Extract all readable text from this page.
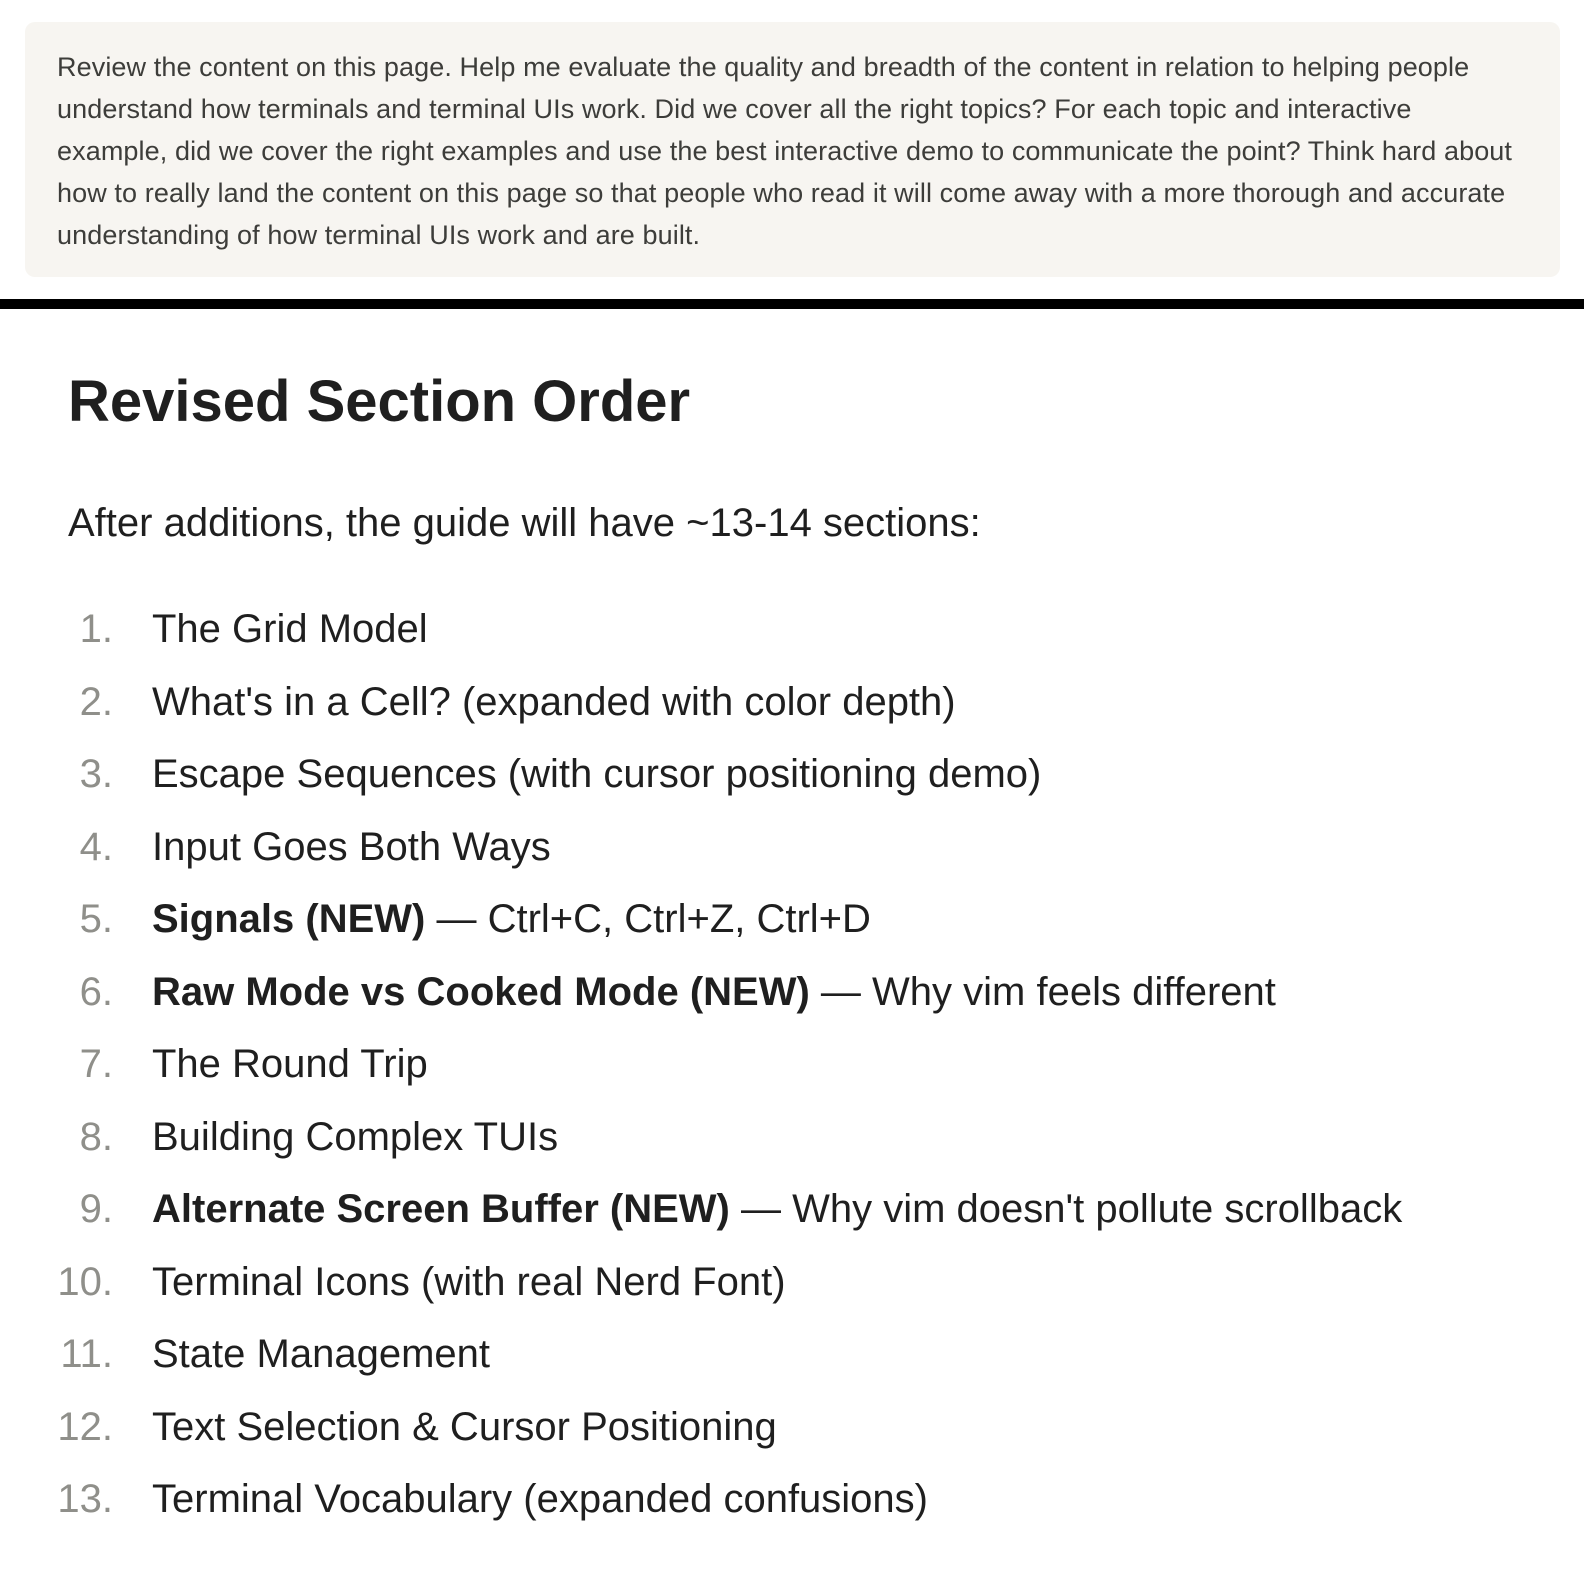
Review the content on this page. Help me evaluate the quality and breadth of the content in relation to helping people understand how terminals and terminal UIs work. Did we cover all the right topics? For each topic and interactive example, did we cover the right examples and use the best interactive demo to communicate the point? Think hard about how to really land the content on this page so that people who read it will come away with a more thorough and accurate understanding of how terminal UIs work and are built.

Revised Section Order

After additions, the guide will have ~13-14 sections:

1. The Grid Model
2. What's in a Cell? (expanded with color depth)
3. Escape Sequences (with cursor positioning demo)
4. Input Goes Both Ways
5. Signals (NEW) — Ctrl+C, Ctrl+Z, Ctrl+D
6. Raw Mode vs Cooked Mode (NEW) — Why vim feels different
7. The Round Trip
8. Building Complex TUIs
9. Alternate Screen Buffer (NEW) — Why vim doesn't pollute scrollback
10. Terminal Icons (with real Nerd Font)
11. State Management
12. Text Selection & Cursor Positioning
13. Terminal Vocabulary (expanded confusions)
